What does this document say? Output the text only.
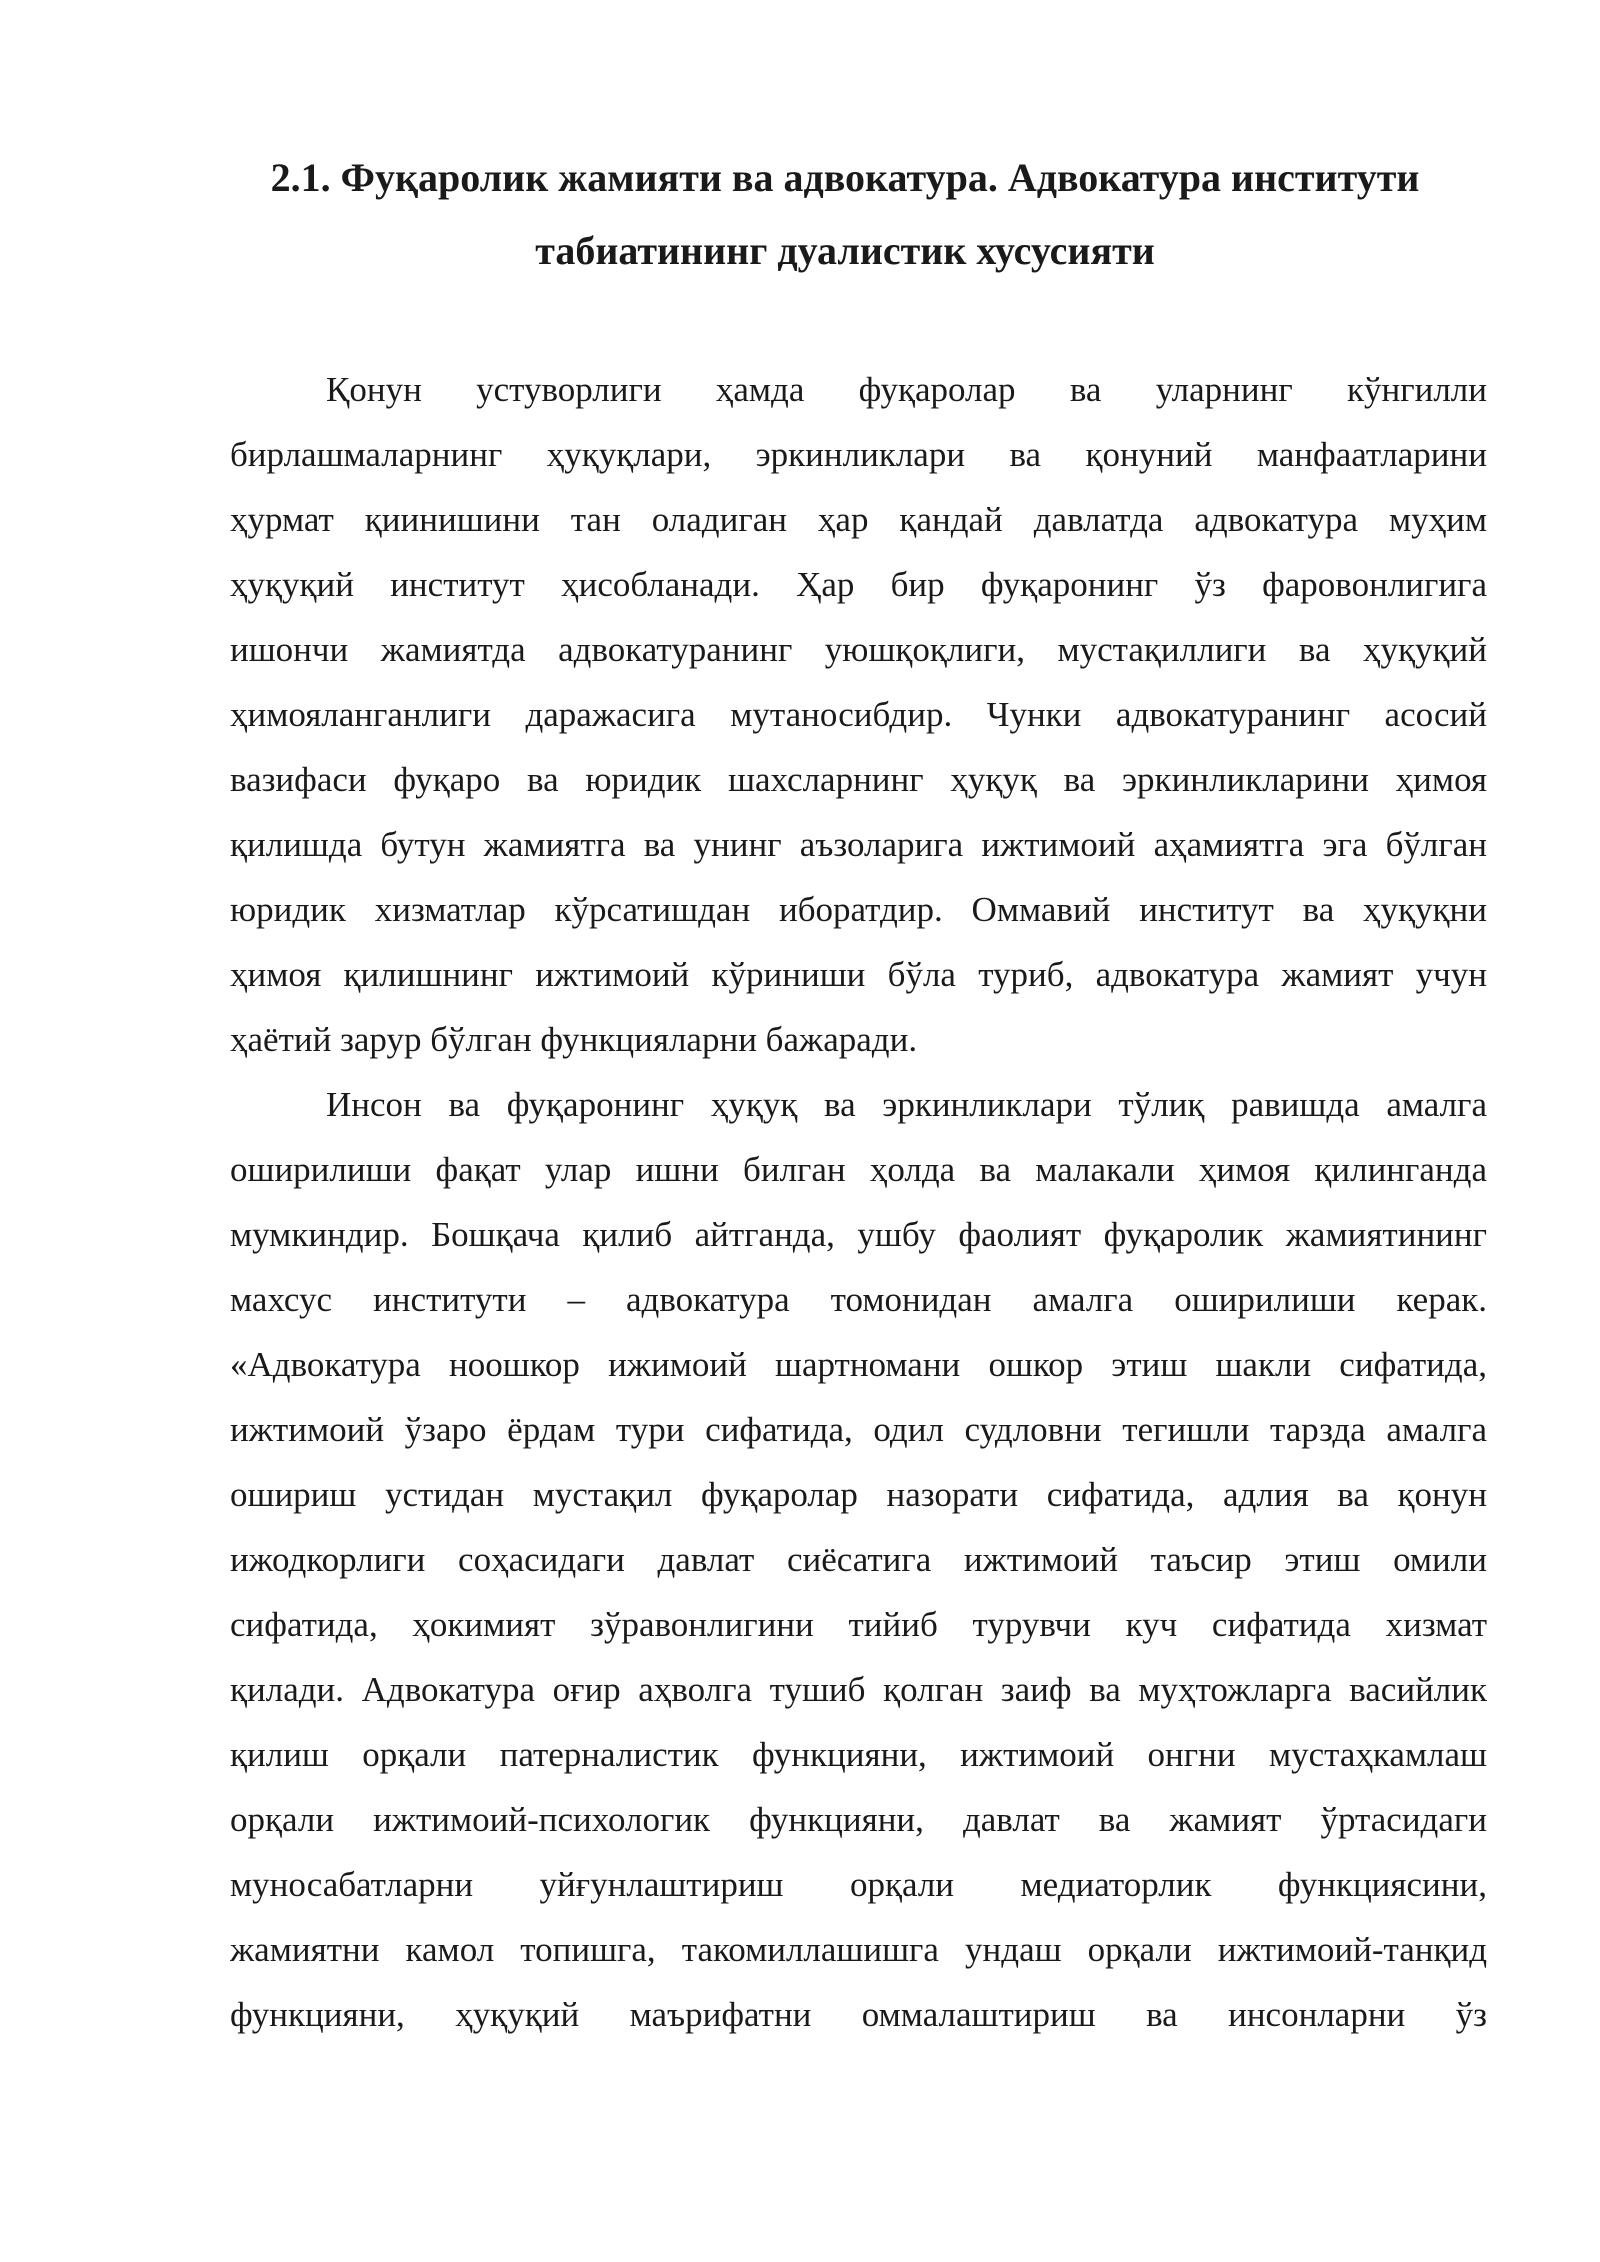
2.1. Фуқаролик жамияти ва адвокатура. Адвокатура институти
табиатининг дуалистик хусусияти
Қонун устуворлиги ҳамда фуқаролар ва уларнинг кўнгилли
бирлашмаларнинг ҳуқуқлари, эркинликлари ва қонуний манфаатларини
ҳурмат қиинишини тан оладиган ҳар қандай давлатда адвокатура муҳим
ҳуқуқий институт ҳисобланади. Ҳар бир фуқаронинг ўз фаровонлигига
ишончи жамиятда адвокатуранинг уюшқоқлиги, мустақиллиги ва ҳуқуқий
ҳимояланганлиги даражасига мутаносибдир. Чунки адвокатуранинг асосий
вазифаси фуқаро ва юридик шахсларнинг ҳуқуқ ва эркинликларини ҳимоя
қилишда бутун жамиятга ва унинг аъзоларига ижтимоий аҳамиятга эга бўлган
юридик хизматлар кўрсатишдан иборатдир. Оммавий институт ва ҳуқуқни
ҳимоя қилишнинг ижтимоий кўриниши бўла туриб, адвокатура жамият учун
ҳаётий зарур бўлган функцияларни бажаради.
Инсон ва фуқаронинг ҳуқуқ ва эркинликлари тўлиқ равишда амалга
оширилиши фақат улар ишни билган ҳолда ва малакали ҳимоя қилинганда
мумкиндир. Бошқача қилиб айтганда, ушбу фаолият фуқаролик жамиятининг
махсус институти – адвокатура томонидан амалга оширилиши керак.
«Адвокатура ноошкор ижимоий шартномани ошкор этиш шакли сифатида,
ижтимоий ўзаро ёрдам тури сифатида, одил судловни тегишли тарзда амалга
ошириш устидан мустақил фуқаролар назорати сифатида, адлия ва қонун
ижодкорлиги соҳасидаги давлат сиёсатига ижтимоий таъсир этиш омили
сифатида, ҳокимият зўравонлигини тийиб турувчи куч сифатида хизмат
қилади. Адвокатура оғир аҳволга тушиб қолган заиф ва муҳтожларга васийлик
қилиш орқали патерналистик функцияни, ижтимоий онгни мустаҳкамлаш
орқали ижтимоий-психологик функцияни, давлат ва жамият ўртасидаги
муносабатларни уйғунлаштириш орқали медиаторлик функциясини,
жамиятни камол топишга, такомиллашишга ундаш орқали ижтимоий-танқид
функцияни, ҳуқуқий маърифатни оммалаштириш ва инсонларни ўз
